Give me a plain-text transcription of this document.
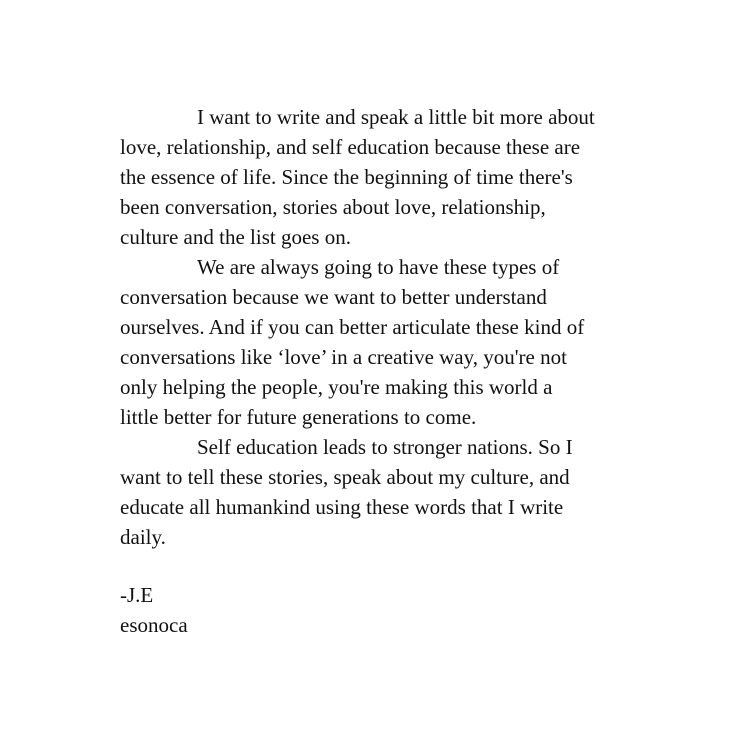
I want to write and speak a little bit more about
love, relationship, and self education because these are
the essence of life. Since the beginning of time there's
been conversation, stories about love, relationship,
culture and the list goes on.
We are always going to have these types of
conversation because we want to better understand
ourselves. And if you can better articulate these kind of
conversations like ‘love’ in a creative way, you're not
only helping the people, you're making this world a
little better for future generations to come.
Self education leads to stronger nations. So I
want to tell these stories, speak about my culture, and
educate all humankind using these words that I write
daily.
-J.E
esonoca
